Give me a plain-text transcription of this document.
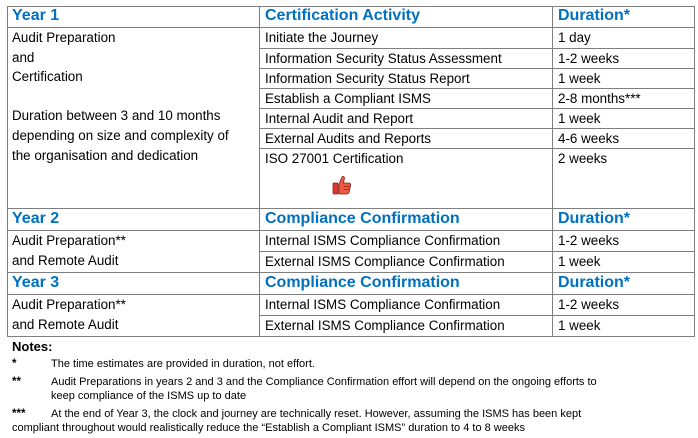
Year 1	Certification Activity	Duration*
Audit Preparation
and
Certification
Duration between 3 and 10 months
depending on size and complexity of
the organisation and dedication
Initiate the Journey	1 day
Information Security Status Assessment	1-2 weeks
Information Security Status Report	1 week
Establish a Compliant ISMS	2-8 months***
Internal Audit and Report	1 week
External Audits and Reports	4-6 weeks
ISO 27001 Certification	2 weeks
Year 2	Compliance Confirmation	Duration*
Audit Preparation**
and Remote Audit
Internal ISMS Compliance Confirmation	1-2 weeks
External ISMS Compliance Confirmation	1 week
Year 3	Compliance Confirmation	Duration*
Audit Preparation**
and Remote Audit
Internal ISMS Compliance Confirmation	1-2 weeks
External ISMS Compliance Confirmation	1 week
Notes:
*	The time estimates are provided in duration, not effort.
**	Audit Preparations in years 2 and 3 and the Compliance Confirmation effort will depend on the ongoing efforts to
keep compliance of the ISMS up to date
*** At the end of Year 3, the clock and journey are technically reset. However, assuming the ISMS has been kept
compliant throughout would realistically reduce the “Establish a Compliant ISMS” duration to 4 to 8 weeks
